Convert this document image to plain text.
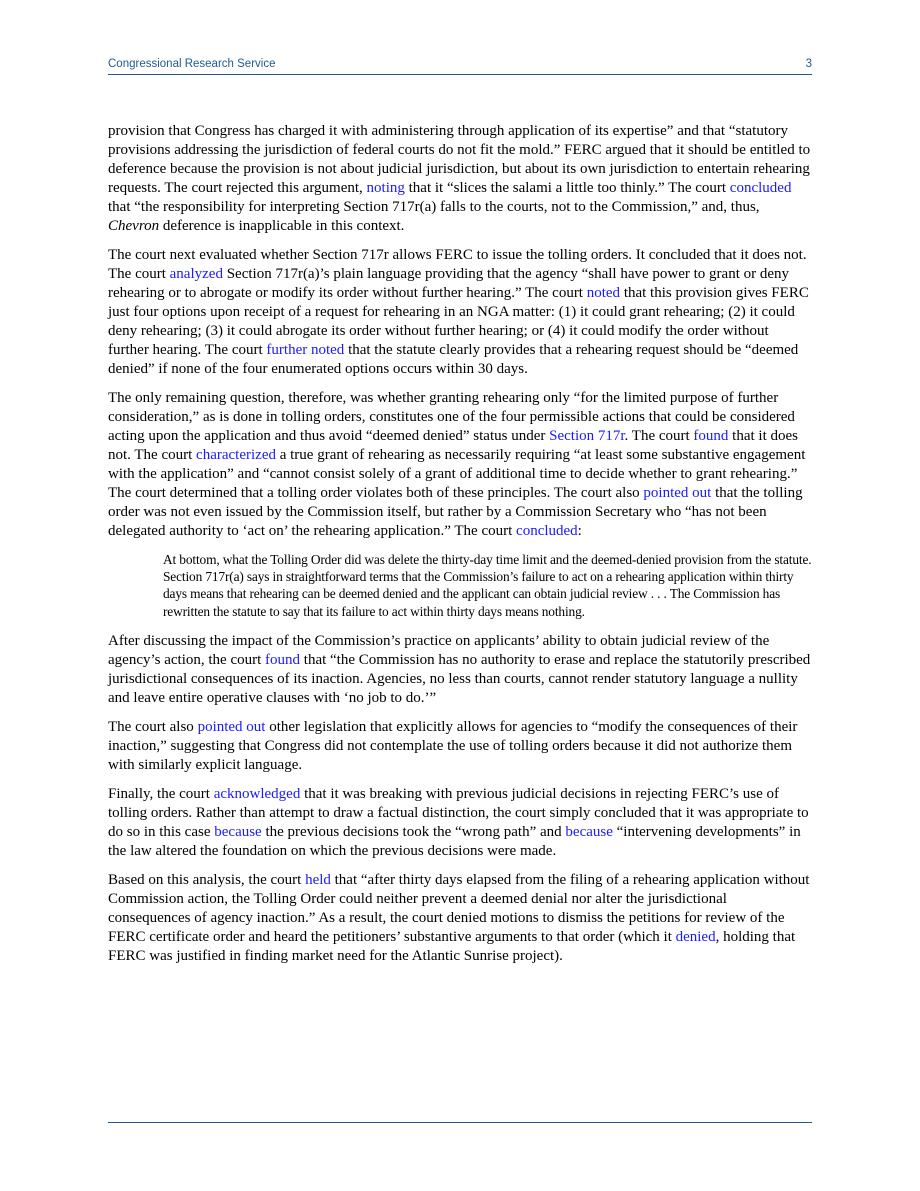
Congressional Research Service	3

provision that Congress has charged it with administering through application of its expertise” and that “statutory provisions addressing the jurisdiction of federal courts do not fit the mold.” FERC argued that it should be entitled to deference because the provision is not about judicial jurisdiction, but about its own jurisdiction to entertain rehearing requests. The court rejected this argument, noting that it “slices the salami a little too thinly.” The court concluded that “the responsibility for interpreting Section 717r(a) falls to the courts, not to the Commission,” and, thus, Chevron deference is inapplicable in this context.

The court next evaluated whether Section 717r allows FERC to issue the tolling orders. It concluded that it does not. The court analyzed Section 717r(a)’s plain language providing that the agency “shall have power to grant or deny rehearing or to abrogate or modify its order without further hearing.” The court noted that this provision gives FERC just four options upon receipt of a request for rehearing in an NGA matter: (1) it could grant rehearing; (2) it could deny rehearing; (3) it could abrogate its order without further hearing; or (4) it could modify the order without further hearing. The court further noted that the statute clearly provides that a rehearing request should be “deemed denied” if none of the four enumerated options occurs within 30 days.

The only remaining question, therefore, was whether granting rehearing only “for the limited purpose of further consideration,” as is done in tolling orders, constitutes one of the four permissible actions that could be considered acting upon the application and thus avoid “deemed denied” status under Section 717r. The court found that it does not. The court characterized a true grant of rehearing as necessarily requiring “at least some substantive engagement with the application” and “cannot consist solely of a grant of additional time to decide whether to grant rehearing.” The court determined that a tolling order violates both of these principles. The court also pointed out that the tolling order was not even issued by the Commission itself, but rather by a Commission Secretary who “has not been delegated authority to ‘act on’ the rehearing application.” The court concluded:

At bottom, what the Tolling Order did was delete the thirty-day time limit and the deemed-denied provision from the statute. Section 717r(a) says in straightforward terms that the Commission’s failure to act on a rehearing application within thirty days means that rehearing can be deemed denied and the applicant can obtain judicial review . . . The Commission has rewritten the statute to say that its failure to act within thirty days means nothing.

After discussing the impact of the Commission’s practice on applicants’ ability to obtain judicial review of the agency’s action, the court found that “the Commission has no authority to erase and replace the statutorily prescribed jurisdictional consequences of its inaction. Agencies, no less than courts, cannot render statutory language a nullity and leave entire operative clauses with ‘no job to do.’”

The court also pointed out other legislation that explicitly allows for agencies to “modify the consequences of their inaction,” suggesting that Congress did not contemplate the use of tolling orders because it did not authorize them with similarly explicit language.

Finally, the court acknowledged that it was breaking with previous judicial decisions in rejecting FERC’s use of tolling orders. Rather than attempt to draw a factual distinction, the court simply concluded that it was appropriate to do so in this case because the previous decisions took the “wrong path” and because “intervening developments” in the law altered the foundation on which the previous decisions were made.

Based on this analysis, the court held that “after thirty days elapsed from the filing of a rehearing application without Commission action, the Tolling Order could neither prevent a deemed denial nor alter the jurisdictional consequences of agency inaction.” As a result, the court denied motions to dismiss the petitions for review of the FERC certificate order and heard the petitioners’ substantive arguments to that order (which it denied, holding that FERC was justified in finding market need for the Atlantic Sunrise project).
